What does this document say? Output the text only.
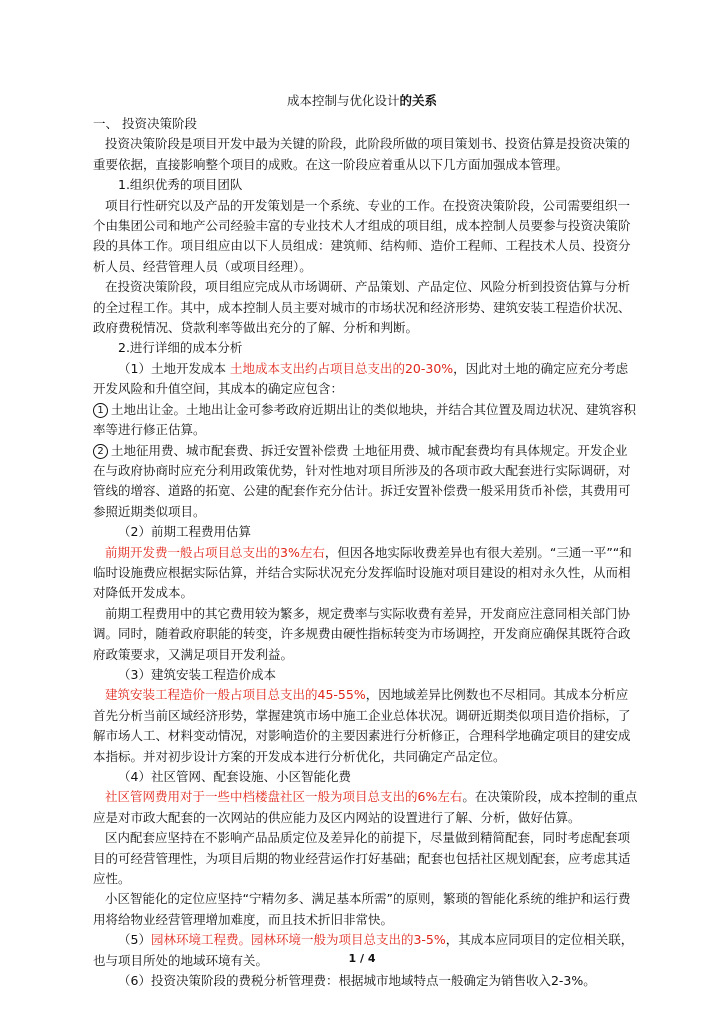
成本控制与优化设计的关系

一、 投资决策阶段

投资决策阶段是项目开发中最为关键的阶段，此阶段所做的项目策划书、投资估算是投资决策的重要依据，直接影响整个项目的成败。在这一阶段应着重从以下几方面加强成本管理。

1.组织优秀的项目团队

项目行性研究以及产品的开发策划是一个系统、专业的工作。在投资决策阶段，公司需要组织一个由集团公司和地产公司经验丰富的专业技术人才组成的项目组，成本控制人员要参与投资决策阶段的具体工作。项目组应由以下人员组成：建筑师、结构师、造价工程师、工程技术人员、投资分析人员、经营管理人员（或项目经理）。

在投资决策阶段，项目组应完成从市场调研、产品策划、产品定位、风险分析到投资估算与分析的全过程工作。其中，成本控制人员主要对城市的市场状况和经济形势、建筑安装工程造价状况、政府费税情况、贷款利率等做出充分的了解、分析和判断。

2.进行详细的成本分析

（1）土地开发成本 土地成本支出约占项目总支出的20-30%，因此对土地的确定应充分考虑开发风险和升值空间，其成本的确定应包含：

1 土地出让金。土地出让金可参考政府近期出让的类似地块，并结合其位置及周边状况、建筑容积率等进行修正估算。

2 土地征用费、城市配套费、拆迁安置补偿费 土地征用费、城市配套费均有具体规定。开发企业在与政府协商时应充分利用政策优势，针对性地对项目所涉及的各项市政大配套进行实际调研，对管线的增容、道路的拓宽、公建的配套作充分估计。拆迁安置补偿费一般采用货币补偿，其费用可参照近期类似项目。

（2）前期工程费用估算

前期开发费一般占项目总支出的3%左右，但因各地实际收费差异也有很大差别。“三通一平”“和临时设施费应根据实际估算，并结合实际状况充分发挥临时设施对项目建设的相对永久性，从而相对降低开发成本。

前期工程费用中的其它费用较为繁多，规定费率与实际收费有差异，开发商应注意同相关部门协调。同时，随着政府职能的转变，许多规费由硬性指标转变为市场调控，开发商应确保其既符合政府政策要求，又满足项目开发利益。

（3）建筑安装工程造价成本

建筑安装工程造价一般占项目总支出的45-55%，因地域差异比例数也不尽相同。其成本分析应首先分析当前区域经济形势，掌握建筑市场中施工企业总体状况。调研近期类似项目造价指标，了解市场人工、材料变动情况，对影响造价的主要因素进行分析修正，合理科学地确定项目的建安成本指标。并对初步设计方案的开发成本进行分析优化，共同确定产品定位。

（4）社区管网、配套设施、小区智能化费

社区管网费用对于一些中档楼盘社区一般为项目总支出的6%左右。在决策阶段，成本控制的重点应是对市政大配套的一次网站的供应能力及区内网站的设置进行了解、分析，做好估算。

区内配套应坚持在不影响产品品质定位及差异化的前提下，尽量做到精简配套，同时考虑配套项目的可经营管理性，为项目后期的物业经营运作打好基础；配套也包括社区规划配套，应考虑其适应性。

小区智能化的定位应坚持“宁精勿多、满足基本所需”的原则，繁琐的智能化系统的维护和运行费用将给物业经营管理增加难度，而且技术折旧非常快。

（5）园林环境工程费。园林环境一般为项目总支出的3-5%，其成本应同项目的定位相关联，也与项目所处的地域环境有关。

（6）投资决策阶段的费税分析管理费：根据城市地域特点一般确定为销售收入2-3%。

1 / 4
